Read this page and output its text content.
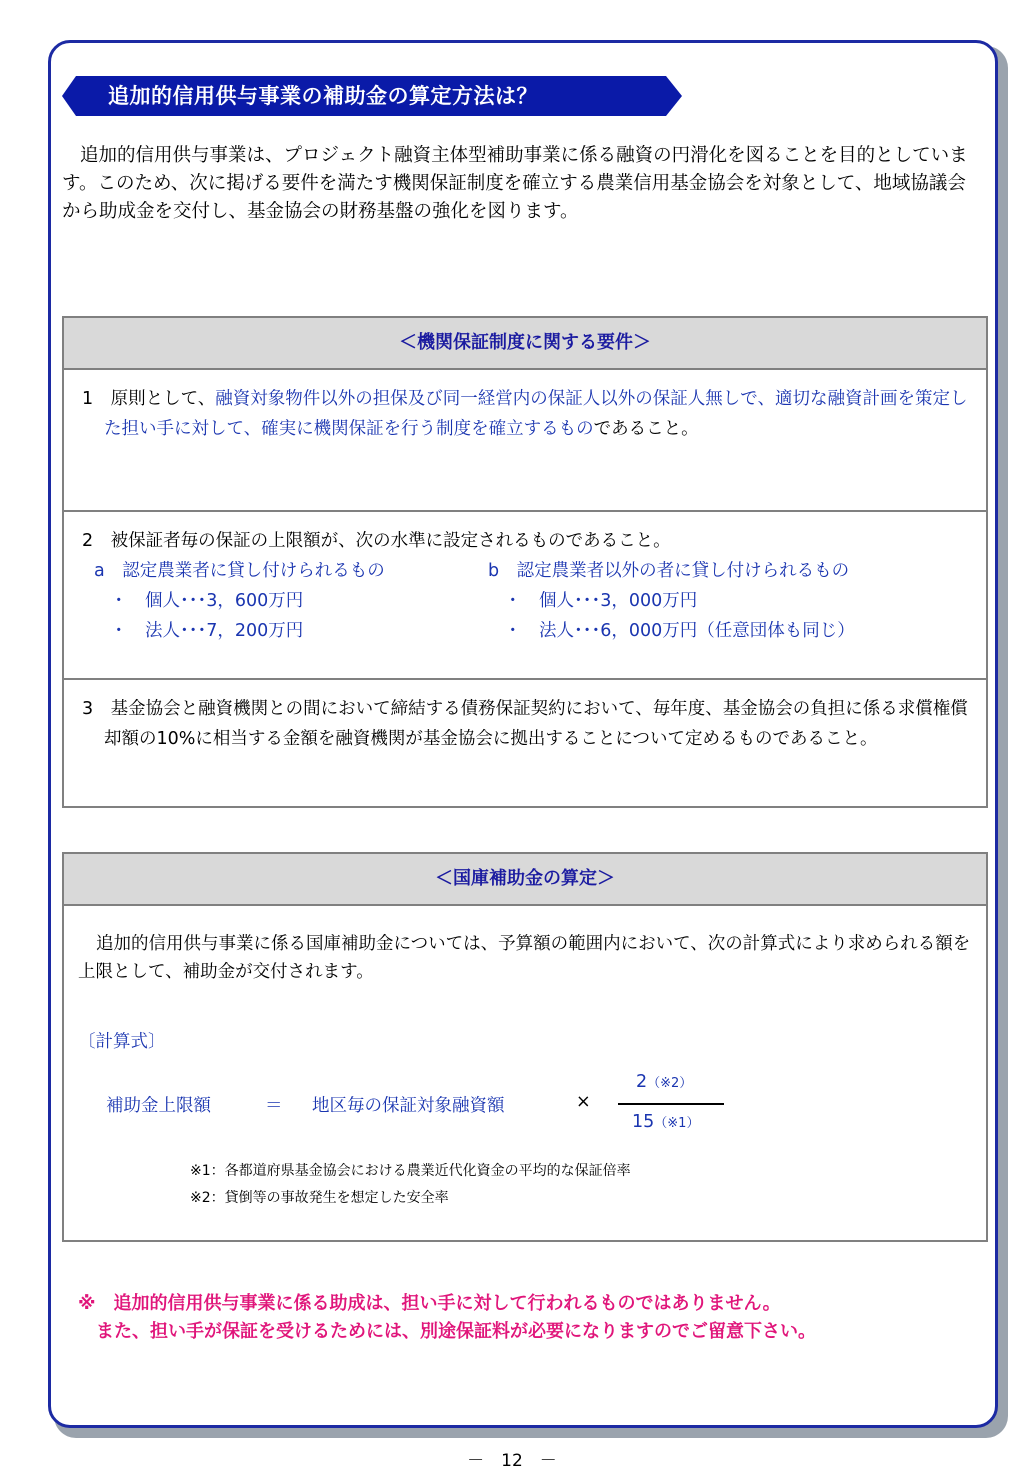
追加的信用供与事業の補助金の算定方法は？

追加的信用供与事業は、プロジェクト融資主体型補助事業に係る融資の円滑化を図ることを目的としています。このため、次に掲げる要件を満たす機関保証制度を確立する農業信用基金協会を対象として、地域協議会から助成金を交付し、基金協会の財務基盤の強化を図ります。

＜機関保証制度に関する要件＞

1　原則として、融資対象物件以外の担保及び同一経営内の保証人以外の保証人無しで、適切な融資計画を策定した担い手に対して、確実に機関保証を行う制度を確立するものであること。

2　被保証者毎の保証の上限額が、次の水準に設定されるものであること。
a　認定農業者に貸し付けられるもの
・　個人･･･3，600万円
・　法人･･･7，200万円
b　認定農業者以外の者に貸し付けられるもの
・　個人･･･3，000万円
・　法人･･･6，000万円（任意団体も同じ）

3　基金協会と融資機関との間において締結する債務保証契約において、毎年度、基金協会の負担に係る求償権償却額の10%に相当する金額を融資機関が基金協会に拠出することについて定めるものであること。

＜国庫補助金の算定＞

追加的信用供与事業に係る国庫補助金については、予算額の範囲内において、次の計算式により求められる額を上限として、補助金が交付されます。

〔計算式〕
補助金上限額	＝ 地区毎の保証対象融資額	×
2（※2）
15（※1）
※1：各都道府県基金協会における農業近代化資金の平均的な保証倍率
※2：貸倒等の事故発生を想定した安全率
※　追加的信用供与事業に係る助成は、担い手に対して行われるものではありません。
また、担い手が保証を受けるためには、別途保証料が必要になりますのでご留意下さい。
－　12　－
